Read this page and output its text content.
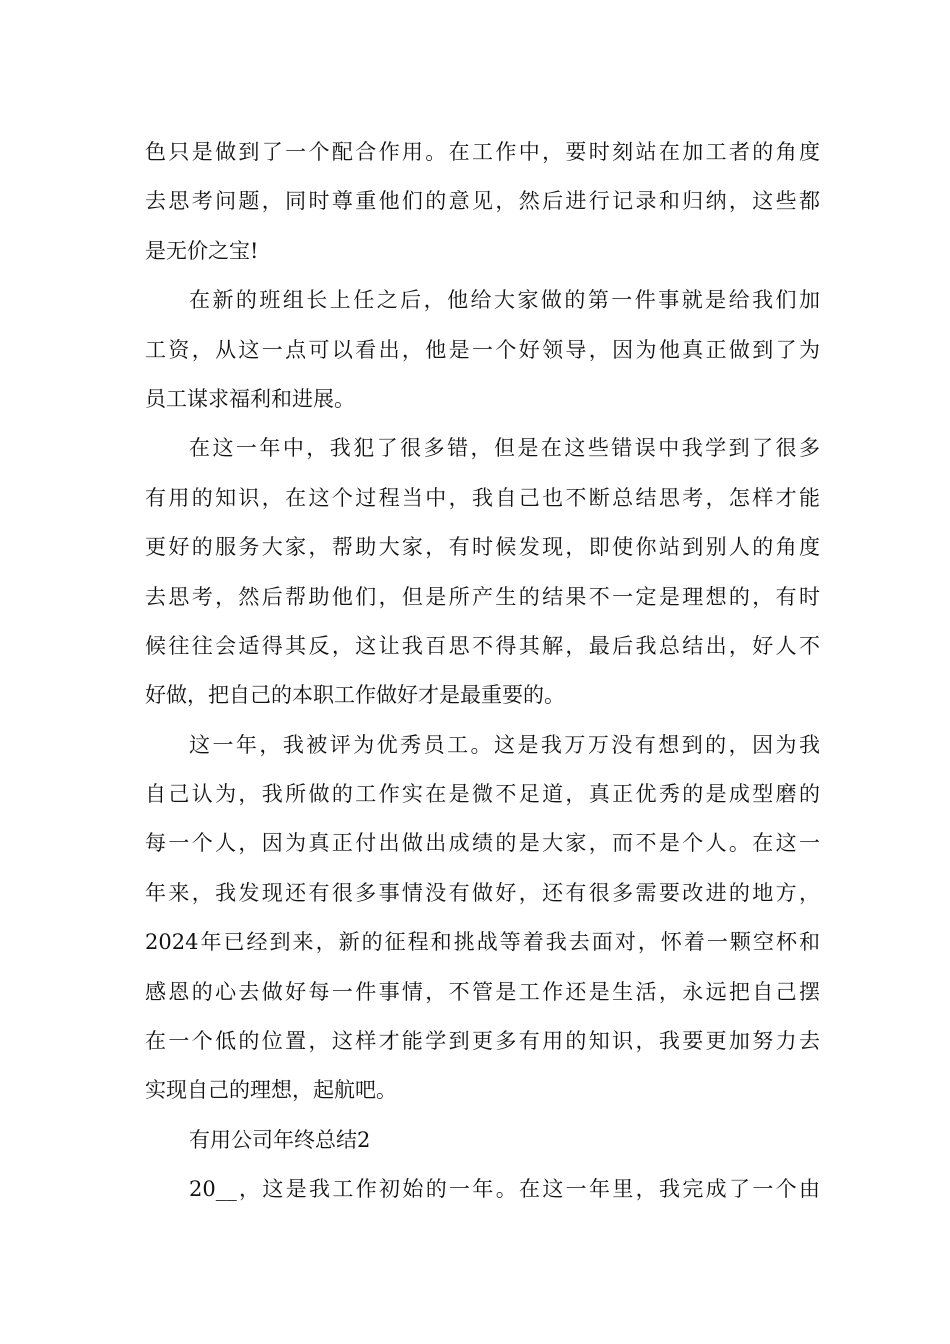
色只是做到了一个配合作用。在工作中，要时刻站在加工者的角度
去思考问题，同时尊重他们的意见，然后进行记录和归纳，这些都
是无价之宝!
在新的班组长上任之后，他给大家做的第一件事就是给我们加
工资，从这一点可以看出，他是一个好领导，因为他真正做到了为
员工谋求福利和进展。
在这一年中，我犯了很多错，但是在这些错误中我学到了很多
有用的知识，在这个过程当中，我自己也不断总结思考，怎样才能
更好的服务大家，帮助大家，有时候发现，即使你站到别人的角度
去思考，然后帮助他们，但是所产生的结果不一定是理想的，有时
候往往会适得其反，这让我百思不得其解，最后我总结出，好人不
好做，把自己的本职工作做好才是最重要的。
这一年，我被评为优秀员工。这是我万万没有想到的，因为我
自己认为，我所做的工作实在是微不足道，真正优秀的是成型磨的
每一个人，因为真正付出做出成绩的是大家，而不是个人。在这一
年来，我发现还有很多事情没有做好，还有很多需要改进的地方，
2024年已经到来，新的征程和挑战等着我去面对，怀着一颗空杯和
感恩的心去做好每一件事情，不管是工作还是生活，永远把自己摆
在一个低的位置，这样才能学到更多有用的知识，我要更加努力去
实现自己的理想，起航吧。
有用公司年终总结2
20__，这是我工作初始的一年。在这一年里，我完成了一个由
